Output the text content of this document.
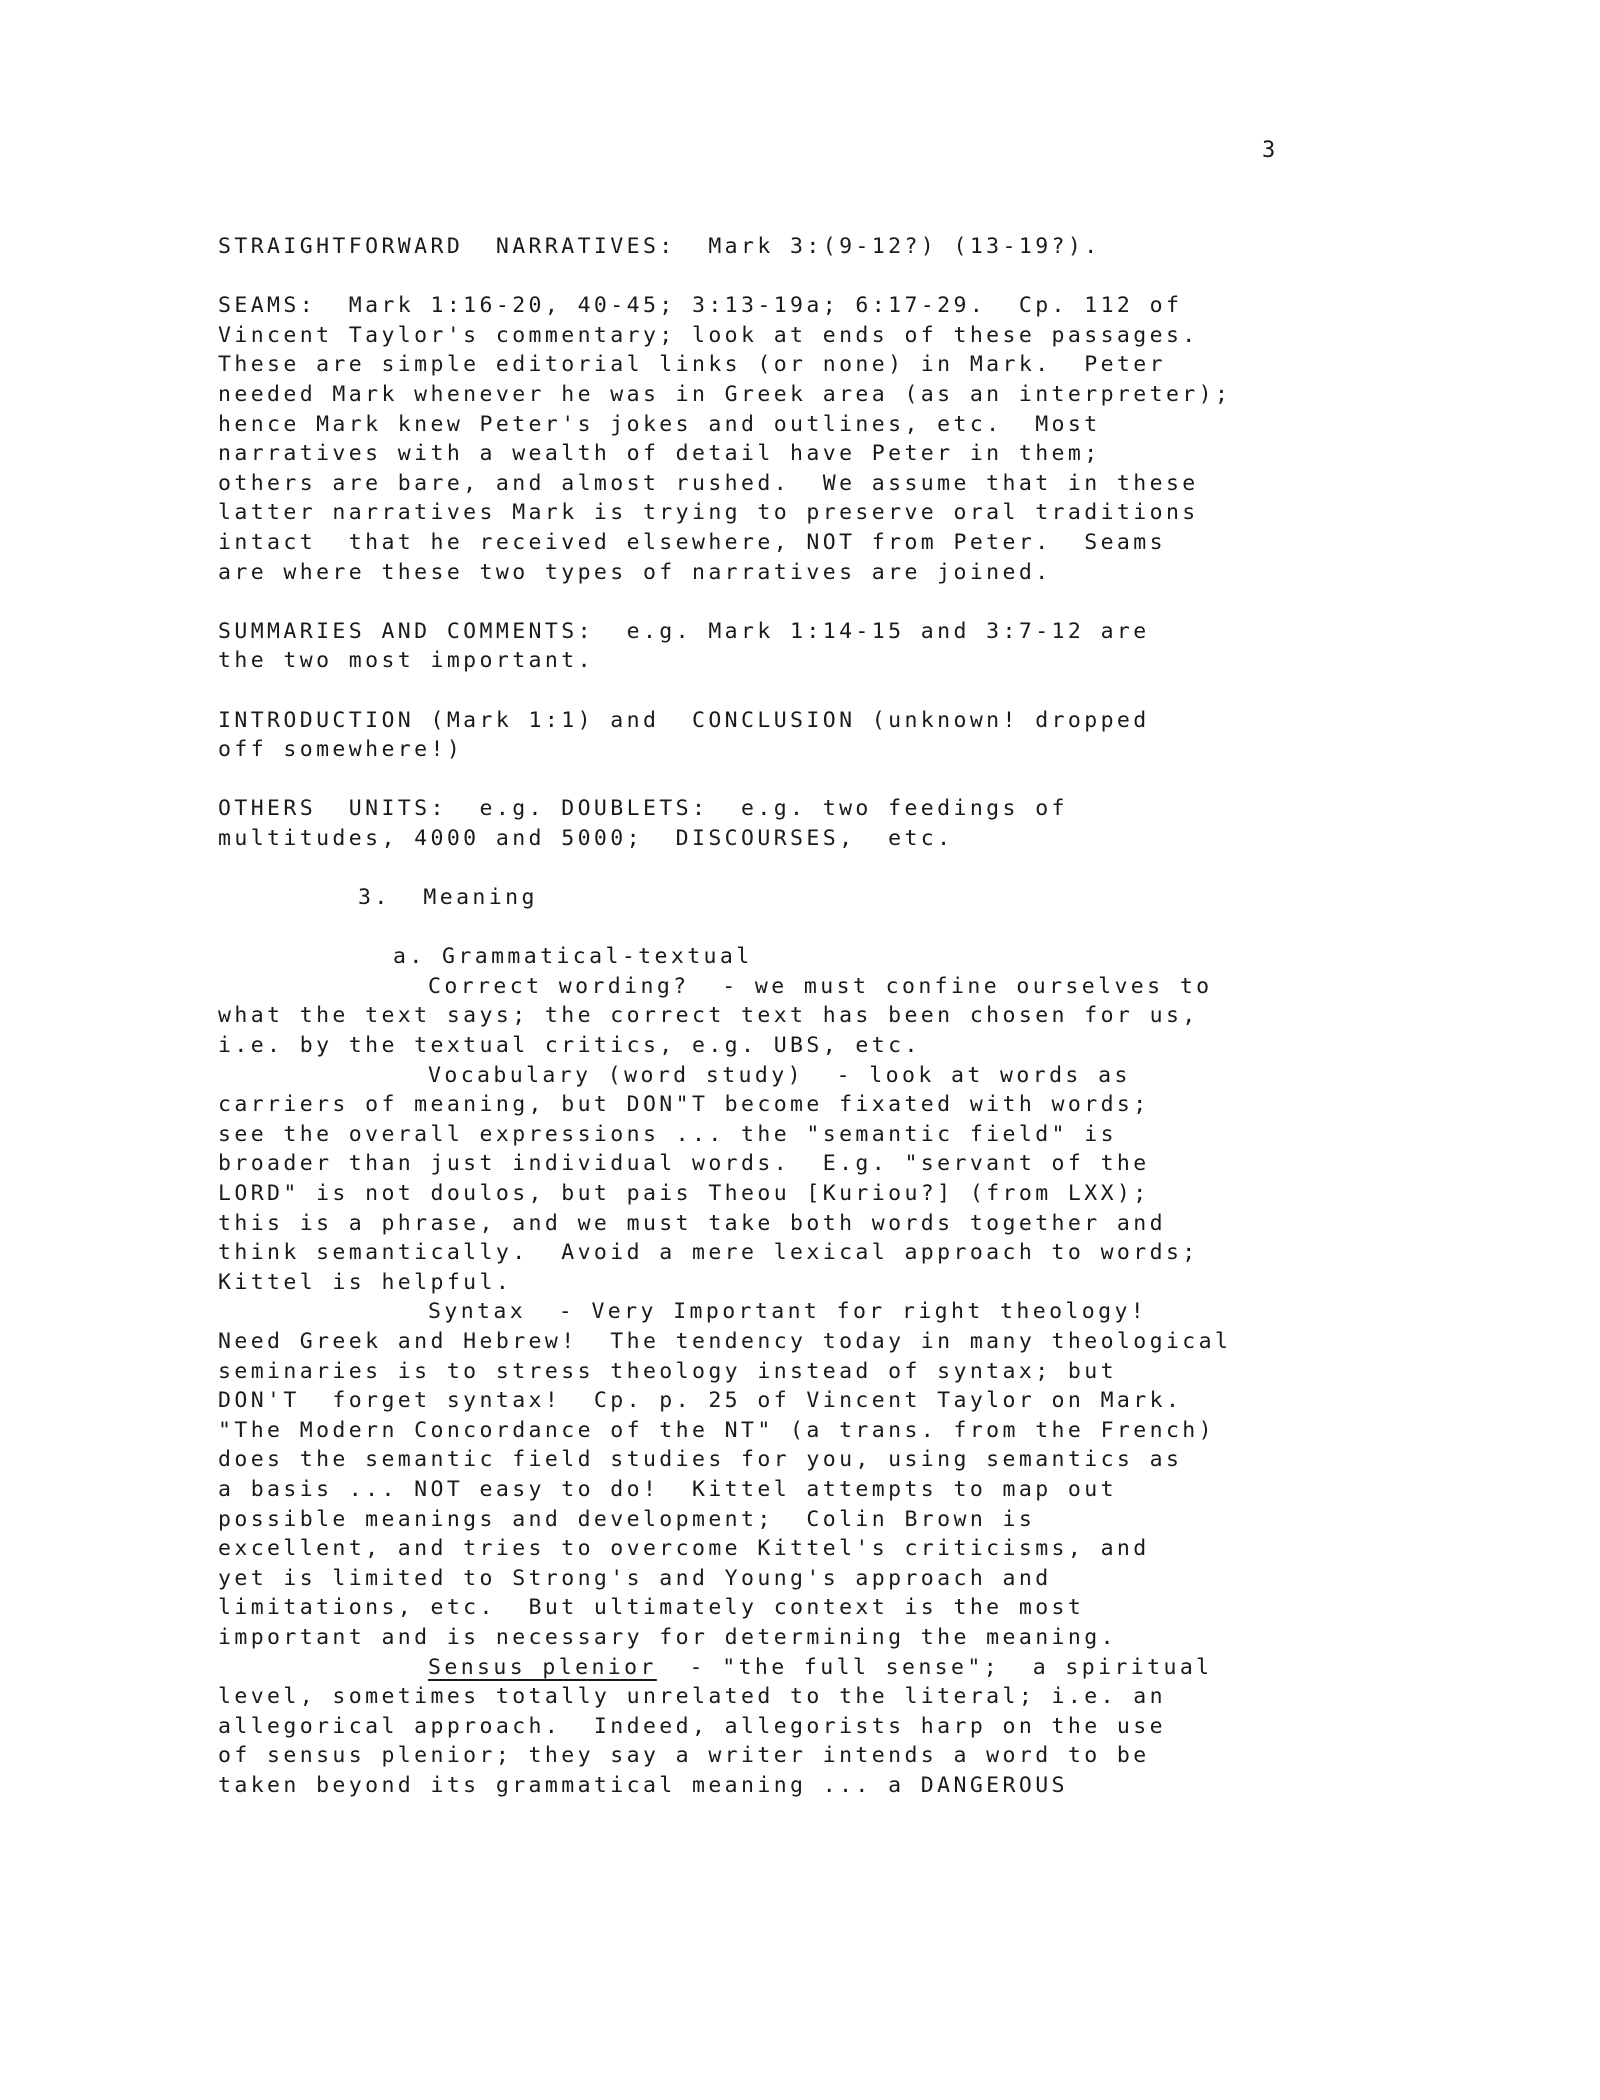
3
STRAIGHTFORWARD  NARRATIVES:  Mark 3:(9-12?) (13-19?).
SEAMS:  Mark 1:16-20, 40-45; 3:13-19a; 6:17-29.  Cp. 112 of
Vincent Taylor's commentary; look at ends of these passages.
These are simple editorial links (or none) in Mark.  Peter
needed Mark whenever he was in Greek area (as an interpreter);
hence Mark knew Peter's jokes and outlines, etc.  Most
narratives with a wealth of detail have Peter in them;
others are bare, and almost rushed.  We assume that in these
latter narratives Mark is trying to preserve oral traditions
intact  that he received elsewhere, NOT from Peter.  Seams
are where these two types of narratives are joined.
SUMMARIES AND COMMENTS:  e.g. Mark 1:14-15 and 3:7-12 are
the two most important.
INTRODUCTION (Mark 1:1) and  CONCLUSION (unknown! dropped
off somewhere!)
OTHERS  UNITS:  e.g. DOUBLETS:  e.g. two feedings of
multitudes, 4000 and 5000;  DISCOURSES,  etc.
3.  Meaning
a. Grammatical-textual
Correct wording?  - we must confine ourselves to
what the text says; the correct text has been chosen for us,
i.e. by the textual critics, e.g. UBS, etc.
Vocabulary (word study)  - look at words as
carriers of meaning, but DON"T become fixated with words;
see the overall expressions ... the "semantic field" is
broader than just individual words.  E.g. "servant of the
LORD" is not doulos, but pais Theou [Kuriou?] (from LXX);
this is a phrase, and we must take both words together and
think semantically.  Avoid a mere lexical approach to words;
Kittel is helpful.
Syntax  - Very Important for right theology!
Need Greek and Hebrew!  The tendency today in many theological
seminaries is to stress theology instead of syntax; but
DON'T  forget syntax!  Cp. p. 25 of Vincent Taylor on Mark.
"The Modern Concordance of the NT" (a trans. from the French)
does the semantic field studies for you, using semantics as
a basis ... NOT easy to do!  Kittel attempts to map out
possible meanings and development;  Colin Brown is
excellent, and tries to overcome Kittel's criticisms, and
yet is limited to Strong's and Young's approach and
limitations, etc.  But ultimately context is the most
important and is necessary for determining the meaning.
Sensus plenior  - "the full sense";  a spiritual
level, sometimes totally unrelated to the literal; i.e. an
allegorical approach.  Indeed, allegorists harp on the use
of sensus plenior; they say a writer intends a word to be
taken beyond its grammatical meaning ... a DANGEROUS
